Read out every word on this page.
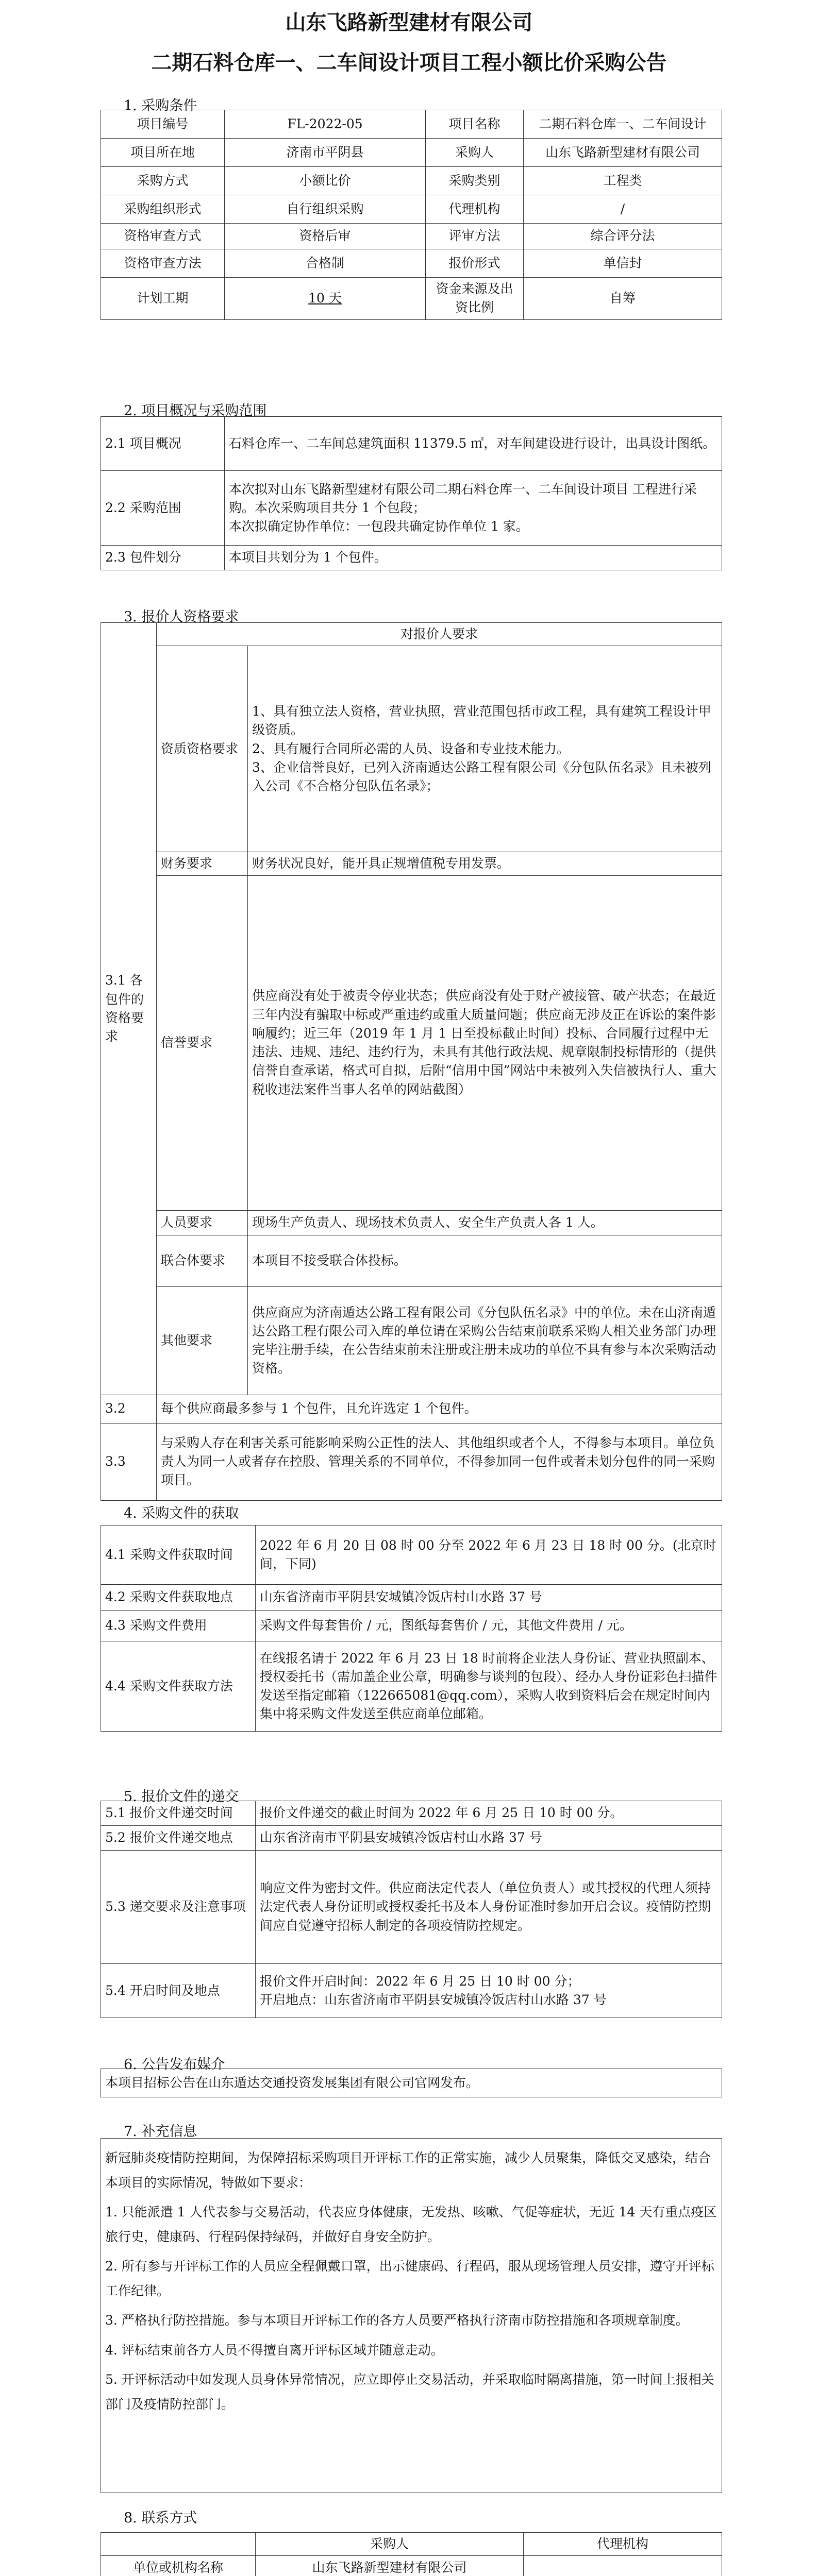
山东飞路新型建材有限公司
二期石料仓库一、二车间设计项目工程小额比价采购公告
1. 采购条件
项目编号	FL-2022-05	项目名称	二期石料仓库一、二车间设计
项目所在地	济南市平阴县	采购人	山东飞路新型建材有限公司
采购方式	小额比价	采购类别	工程类
采购组织形式	自行组织采购	代理机构	/
资格审查方式	资格后审	评审方法	综合评分法
资格审查方法	合格制	报价形式	单信封
计划工期	10 天	资金来源及出资比例	自筹
2. 项目概况与采购范围
2.1 项目概况	石料仓库一、二车间总建筑面积 11379.5 ㎡，对车间建设进行设计，出具设计图纸。
2.2 采购范围	本次拟对山东飞路新型建材有限公司二期石料仓库一、二车间设计项目 工程进行采购。本次采购项目共分 1 个包段；
本次拟确定协作单位：一包段共确定协作单位 1 家。
2.3 包件划分	本项目共划分为 1 个包件。
3. 报价人资格要求
3.1 各包件的资格要求	对报价人要求	
	资质资格要求	1、具有独立法人资格，营业执照，营业范围包括市政工程，具有建筑工程设计甲级资质。
2、具有履行合同所必需的人员、设备和专业技术能力。
3、企业信誉良好，已列入济南遁达公路工程有限公司《分包队伍名录》且未被列入公司《不合格分包队伍名录》；
	财务要求	财务状况良好，能开具正规增值税专用发票。
	信誉要求	供应商没有处于被责令停业状态；供应商没有处于财产被接管、破产状态；在最近三年内没有骗取中标或严重违约或重大质量问题；供应商无涉及正在诉讼的案件影响履约；近三年（2019 年 1 月 1 日至投标截止时间）投标、合同履行过程中无违法、违规、违纪、违约行为，未具有其他行政法规、规章限制投标情形的（提供信誉自查承诺，格式可自拟，后附“信用中国”网站中未被列入失信被执行人、重大税收违法案件当事人名单的网站截图）
	人员要求	现场生产负责人、现场技术负责人、安全生产负责人各 1 人。
	联合体要求	本项目不接受联合体投标。
	其他要求	供应商应为济南遁达公路工程有限公司《分包队伍名录》中的单位。未在山济南遁达公路工程有限公司入库的单位请在采购公告结束前联系采购人相关业务部门办理完毕注册手续，在公告结束前未注册或注册未成功的单位不具有参与本次采购活动资格。
3.2	每个供应商最多参与 1 个包件，且允许选定 1 个包件。	
3.3	与采购人存在利害关系可能影响采购公正性的法人、其他组织或者个人，不得参与本项目。单位负责人为同一人或者存在控股、管理关系的不同单位，不得参加同一包件或者未划分包件的同一采购项目。	
4. 采购文件的获取
4.1 采购文件获取时间	2022 年 6 月 20 日 08 时 00 分至 2022 年 6 月 23 日 18 时 00 分。(北京时间，下同)
4.2 采购文件获取地点	山东省济南市平阴县安城镇冷饭店村山水路 37 号
4.3 采购文件费用	采购文件每套售价 / 元，图纸每套售价 / 元，其他文件费用 / 元。
4.4 采购文件获取方法	在线报名请于 2022 年 6 月 23 日 18 时前将企业法人身份证、营业执照副本、授权委托书（需加盖企业公章，明确参与谈判的包段）、经办人身份证彩色扫描件发送至指定邮箱（122665081@qq.com），采购人收到资料后会在规定时间内集中将采购文件发送至供应商单位邮箱。
5. 报价文件的递交
5.1 报价文件递交时间	报价文件递交的截止时间为 2022 年 6 月 25 日 10 时 00 分。
5.2 报价文件递交地点	山东省济南市平阴县安城镇冷饭店村山水路 37 号
5.3 递交要求及注意事项	响应文件为密封文件。供应商法定代表人（单位负责人）或其授权的代理人须持法定代表人身份证明或授权委托书及本人身份证准时参加开启会议。疫情防控期间应自觉遵守招标人制定的各项疫情防控规定。
5.4 开启时间及地点	报价文件开启时间：2022 年 6 月 25 日 10 时 00 分；
开启地点：山东省济南市平阴县安城镇冷饭店村山水路 37 号
6. 公告发布媒介
本项目招标公告在山东遁达交通投资发展集团有限公司官网发布。
7. 补充信息
新冠肺炎疫情防控期间，为保障招标采购项目开评标工作的正常实施，减少人员聚集，降低交叉感染，结合本项目的实际情况，特做如下要求：
1. 只能派遣 1 人代表参与交易活动，代表应身体健康，无发热、咳嗽、气促等症状，无近 14 天有重点疫区旅行史，健康码、行程码保持绿码，并做好自身安全防护。
2. 所有参与开评标工作的人员应全程佩戴口罩，出示健康码、行程码，服从现场管理人员安排，遵守开评标工作纪律。
3. 严格执行防控措施。参与本项目开评标工作的各方人员要严格执行济南市防控措施和各项规章制度。
4. 评标结束前各方人员不得擅自离开评标区域并随意走动。
5. 开评标活动中如发现人员身体异常情况，应立即停止交易活动，并采取临时隔离措施，第一时间上报相关部门及疫情防控部门。
8. 联系方式
	采购人	代理机构
单位或机构名称	山东飞路新型建材有限公司	
